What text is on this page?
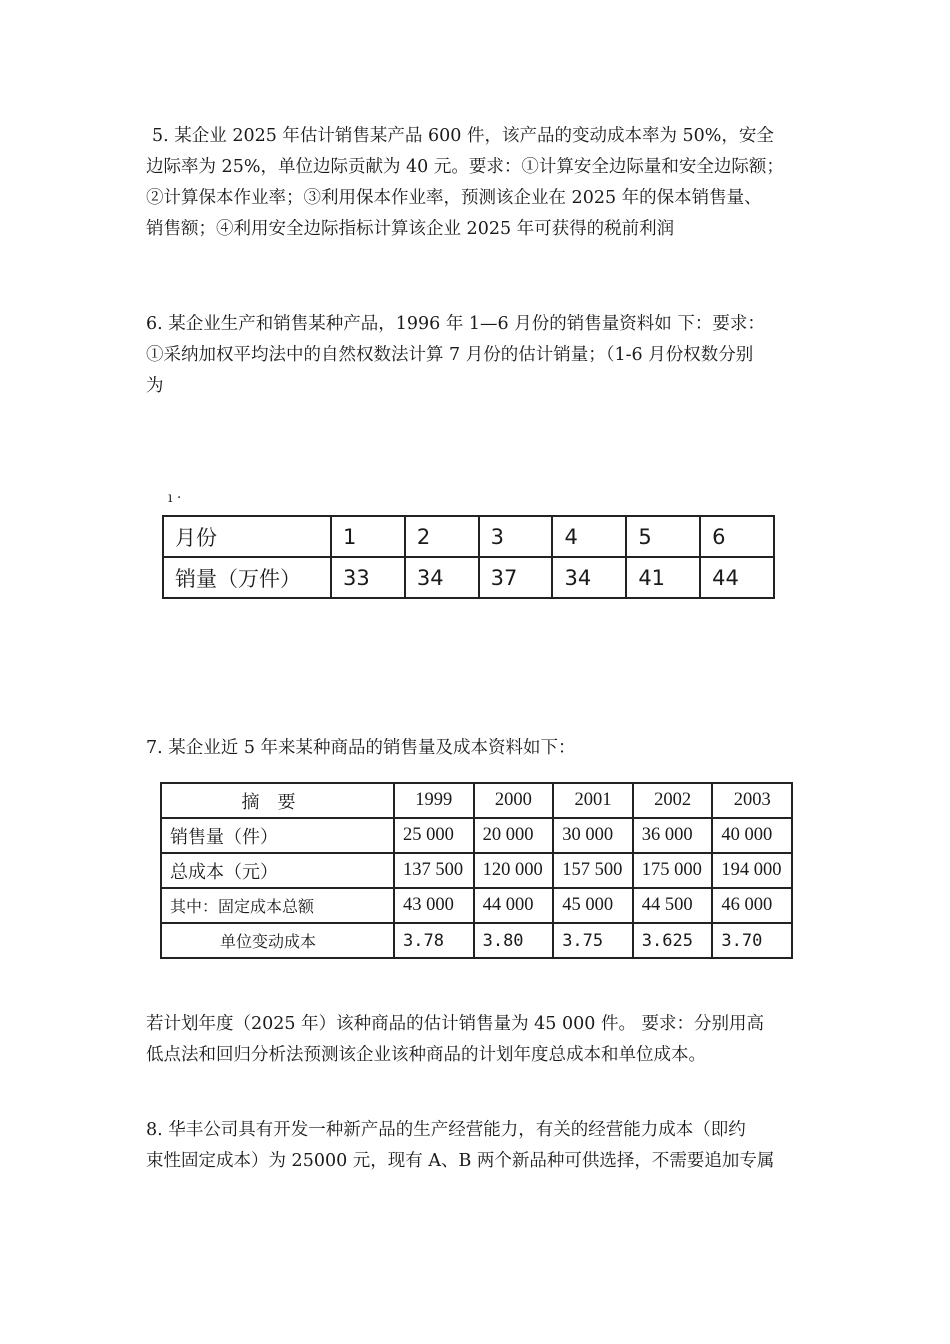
5. 某企业 2025 年估计销售某产品 600 件，该产品的变动成本率为 50%，安全
边际率为 25%，单位边际贡献为 40 元。要求：①计算安全边际量和安全边际额；
②计算保本作业率；③利用保本作业率，预测该企业在 2025 年的保本销售量、
销售额；④利用安全边际指标计算该企业 2025 年可获得的税前利润
6. 某企业生产和销售某种产品，1996 年 1—6 月份的销售量资料如 下：要求：
①采纳加权平均法中的自然权数法计算 7 月份的估计销量；（1-6 月份权数分别
为
ı ·
月份	1	2	3	4	5	6
销量（万件）	33	34	37	34	41	44
7. 某企业近 5 年来某种商品的销售量及成本资料如下：
摘要	1999	2000	2001	2002	2003
销售量（件）	25 000	20 000	30 000	36 000	40 000
总成本（元）	137 500	120 000	157 500	175 000	194 000
其中：固定成本总额	43 000	44 000	45 000	44 500	46 000
单位变动成本	3.78	3.80	3.75	3.625	3.70
若计划年度（2025 年）该种商品的估计销售量为 45 000 件。 要求：分别用高
低点法和回归分析法预测该企业该种商品的计划年度总成本和单位成本。
8. 华丰公司具有开发一种新产品的生产经营能力，有关的经营能力成本（即约
束性固定成本）为 25000 元，现有 A、B 两个新品种可供选择，不需要追加专属
